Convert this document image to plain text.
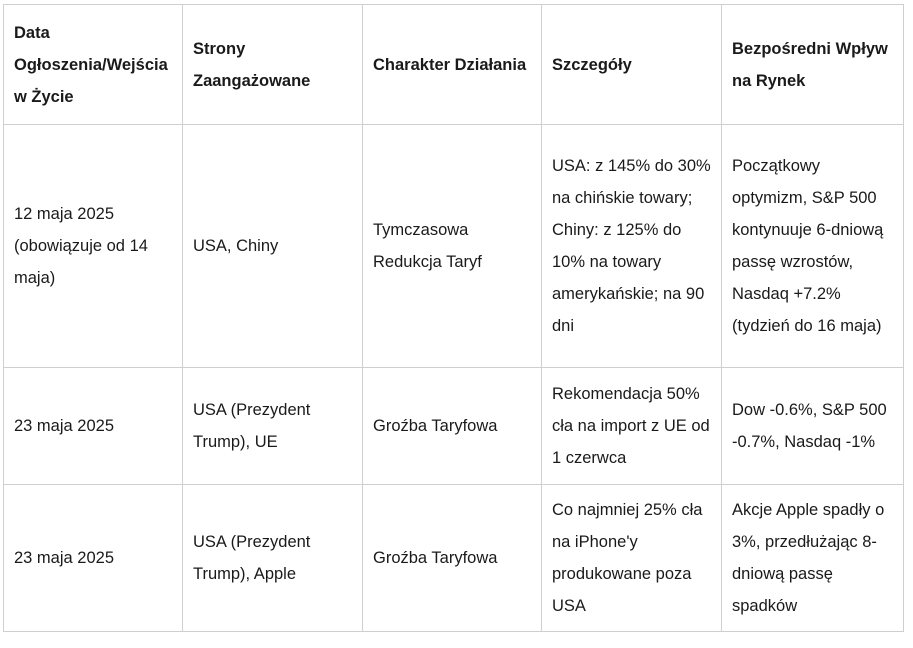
Data Ogłoszenia/Wejścia w Życie	Strony Zaangażowane	Charakter Działania	Szczegóły	Bezpośredni Wpływ na Rynek
12 maja 2025 (obowiązuje od 14 maja)	USA, Chiny	Tymczasowa Redukcja Taryf	USA: z 145% do 30% na chińskie towary; Chiny: z 125% do 10% na towary amerykańskie; na 90 dni	Początkowy optymizm, S&P 500 kontynuuje 6-dniową passę wzrostów, Nasdaq +7.2% (tydzień do 16 maja)
23 maja 2025	USA (Prezydent Trump), UE	Groźba Taryfowa	Rekomendacja 50% cła na import z UE od 1 czerwca	Dow -0.6%, S&P 500 -0.7%, Nasdaq -1%
23 maja 2025	USA (Prezydent Trump), Apple	Groźba Taryfowa	Co najmniej 25% cła na iPhone'y produkowane poza USA	Akcje Apple spadły o 3%, przedłużając 8-dniową passę spadków
